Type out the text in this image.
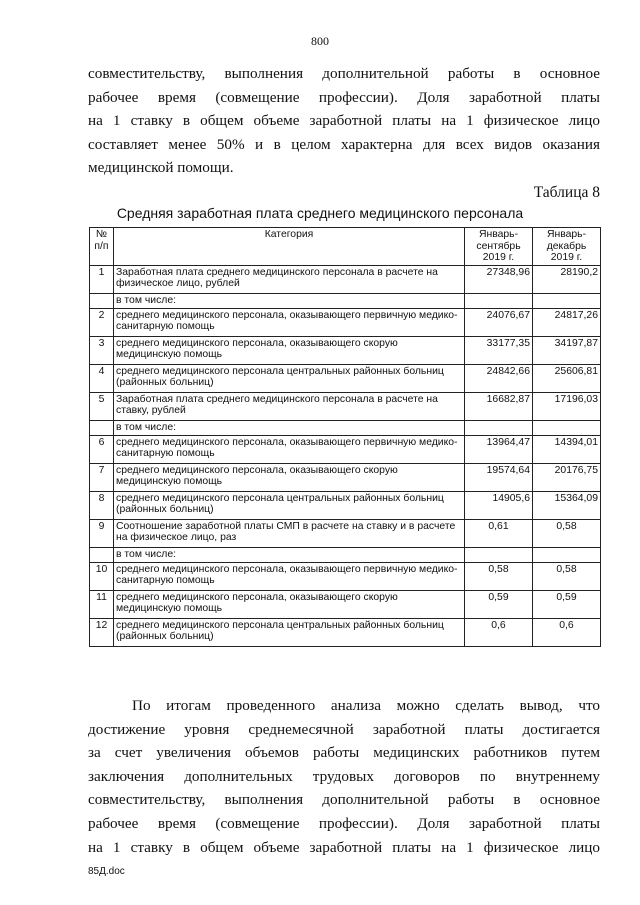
800
совместительству, выполнения дополнительной работы в основное
рабочее время (совмещение профессии). Доля заработной платы
на 1 ставку в общем объеме заработной платы на 1 физическое лицо
составляет менее 50% и в целом характерна для всех видов оказания
медицинской помощи.
Таблица 8
Средняя заработная плата среднего медицинского персонала
№ п/п	Категория	Январь-сентябрь 2019 г.	Январь-декабрь 2019 г.
1	Заработная плата среднего медицинского персонала в расчете на физическое лицо, рублей	27348,96	28190,2
	в том числе:		
2	среднего медицинского персонала, оказывающего первичную медико-санитарную помощь	24076,67	24817,26
3	среднего медицинского персонала, оказывающего скорую медицинскую помощь	33177,35	34197,87
4	среднего медицинского персонала центральных районных больниц (районных больниц)	24842,66	25606,81
5	Заработная плата среднего медицинского персонала в расчете на ставку, рублей	16682,87	17196,03
	в том числе:		
6	среднего медицинского персонала, оказывающего первичную медико-санитарную помощь	13964,47	14394,01
7	среднего медицинского персонала, оказывающего скорую медицинскую помощь	19574,64	20176,75
8	среднего медицинского персонала центральных районных больниц (районных больниц)	14905,6	15364,09
9	Соотношение заработной платы СМП в расчете на ставку и в расчете на физическое лицо, раз	0,61	0,58
	в том числе:		
10	среднего медицинского персонала, оказывающего первичную медико-санитарную помощь	0,58	0,58
11	среднего медицинского персонала, оказывающего скорую медицинскую помощь	0,59	0,59
12	среднего медицинского персонала центральных районных больниц (районных больниц)	0,6	0,6
По итогам проведенного анализа можно сделать вывод, что
достижение уровня среднемесячной заработной платы достигается
за счет увеличения объемов работы медицинских работников путем
заключения дополнительных трудовых договоров по внутреннему
совместительству, выполнения дополнительной работы в основное
рабочее время (совмещение профессии). Доля заработной платы
на 1 ставку в общем объеме заработной платы на 1 физическое лицо
85Д.doc
